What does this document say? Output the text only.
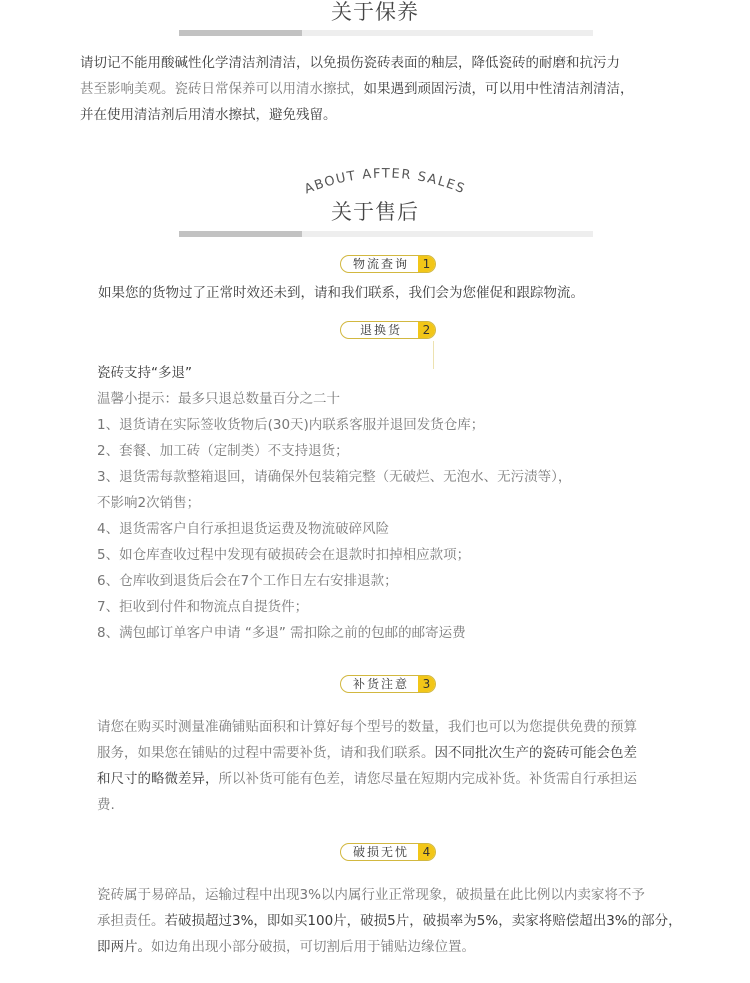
关于保养
请切记不能用酸碱性化学清洁剂清洁，以免损伤瓷砖表面的釉层，降低瓷砖的耐磨和抗污力
甚至影响美观。瓷砖日常保养可以用清水擦拭，如果遇到顽固污渍，可以用中性清洁剂清洁，
并在使用清洁剂后用清水擦拭，避免残留。
ABOUT AFTER SALES
关于售后
物流查询	1
如果您的货物过了正常时效还未到，请和我们联系，我们会为您催促和跟踪物流。
退换货	2
瓷砖支持“多退”
温馨小提示：最多只退总数量百分之二十
1、退货请在实际签收货物后(30天)内联系客服并退回发货仓库；
2、套餐、加工砖（定制类）不支持退货；
3、退货需每款整箱退回，请确保外包装箱完整（无破烂、无泡水、无污渍等），
不影响2次销售；
4、退货需客户自行承担退货运费及物流破碎风险
5、如仓库查收过程中发现有破损砖会在退款时扣掉相应款项；
6、仓库收到退货后会在7个工作日左右安排退款；
7、拒收到付件和物流点自提货件；
8、满包邮订单客户申请 “多退” 需扣除之前的包邮的邮寄运费
补货注意	3
请您在购买时测量准确铺贴面积和计算好每个型号的数量，我们也可以为您提供免费的预算
服务，如果您在铺贴的过程中需要补货，请和我们联系。因不同批次生产的瓷砖可能会色差
和尺寸的略微差异，所以补货可能有色差，请您尽量在短期内完成补货。补货需自行承担运
费.
破损无忧	4
瓷砖属于易碎品，运输过程中出现3%以内属行业正常现象，破损量在此比例以内卖家将不予
承担责任。若破损超过3%，即如买100片，破损5片，破损率为5%，卖家将赔偿超出3%的部分，
即两片。如边角出现小部分破损，可切割后用于铺贴边缘位置。
